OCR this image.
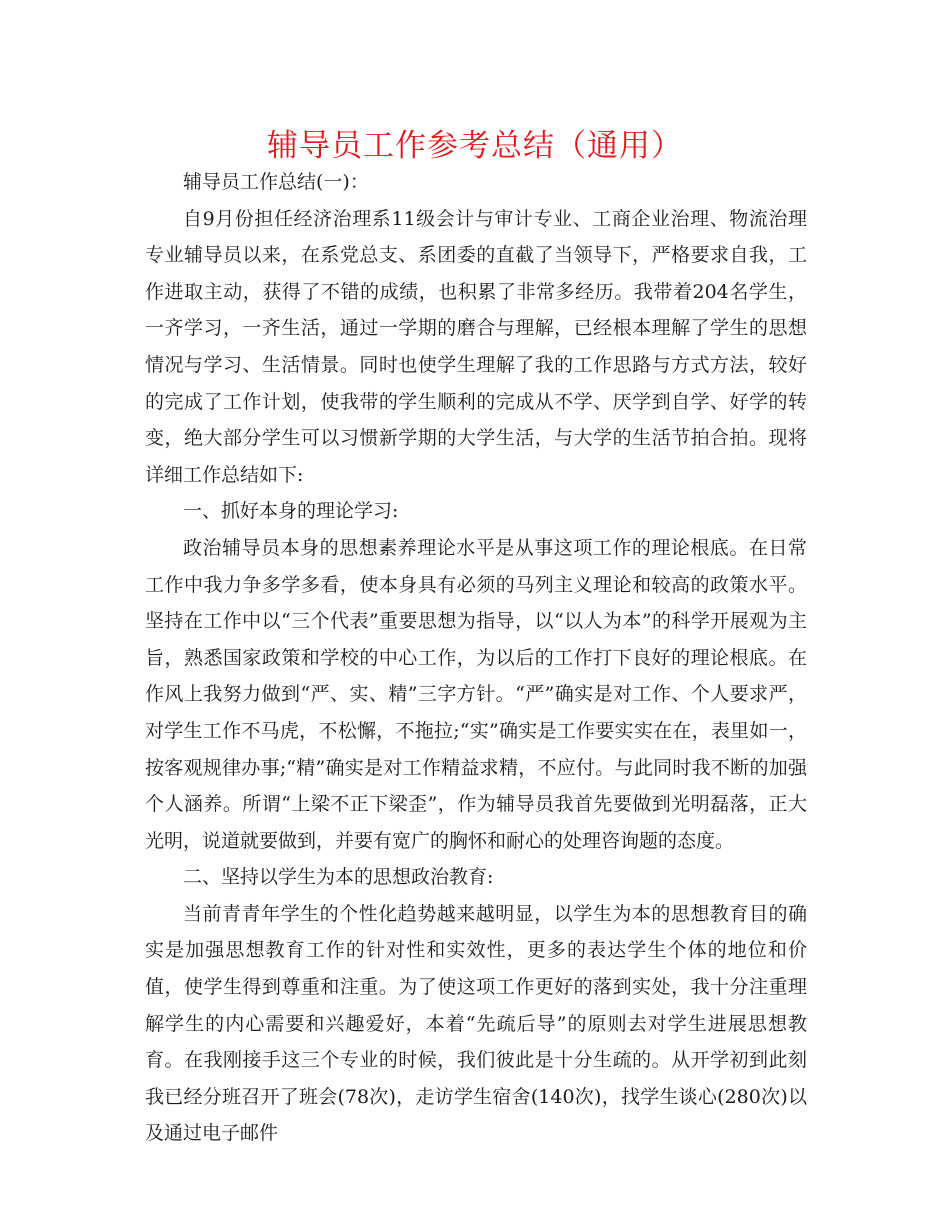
辅导员工作参考总结（通用）

辅导员工作总结(一)：

自9月份担任经济治理系11级会计与审计专业、工商企业治理、物流治理专业辅导员以来，在系党总支、系团委的直截了当领导下，严格要求自我，工作进取主动，获得了不错的成绩，也积累了非常多经历。我带着204名学生，一齐学习，一齐生活，通过一学期的磨合与理解，已经根本理解了学生的思想情况与学习、生活情景。同时也使学生理解了我的工作思路与方式方法，较好的完成了工作计划，使我带的学生顺利的完成从不学、厌学到自学、好学的转变，绝大部分学生可以习惯新学期的大学生活，与大学的生活节拍合拍。现将详细工作总结如下:

一、抓好本身的理论学习:

政治辅导员本身的思想素养理论水平是从事这项工作的理论根底。在日常工作中我力争多学多看，使本身具有必须的马列主义理论和较高的政策水平。坚持在工作中以“三个代表”重要思想为指导，以“以人为本”的科学开展观为主旨，熟悉国家政策和学校的中心工作，为以后的工作打下良好的理论根底。在作风上我努力做到“严、实、精”三字方针。“严”确实是对工作、个人要求严，对学生工作不马虎，不松懈，不拖拉;“实”确实是工作要实实在在，表里如一，按客观规律办事;“精”确实是对工作精益求精，不应付。与此同时我不断的加强个人涵养。所谓“上梁不正下梁歪”，作为辅导员我首先要做到光明磊落，正大光明，说道就要做到，并要有宽广的胸怀和耐心的处理咨询题的态度。

二、坚持以学生为本的思想政治教育:

当前青青年学生的个性化趋势越来越明显，以学生为本的思想教育目的确实是加强思想教育工作的针对性和实效性，更多的表达学生个体的地位和价值，使学生得到尊重和注重。为了使这项工作更好的落到实处，我十分注重理解学生的内心需要和兴趣爱好，本着“先疏后导”的原则去对学生进展思想教育。在我刚接手这三个专业的时候，我们彼此是十分生疏的。从开学初到此刻我已经分班召开了班会(78次)，走访学生宿舍(140次)，找学生谈心(280次)以及通过电子邮件
